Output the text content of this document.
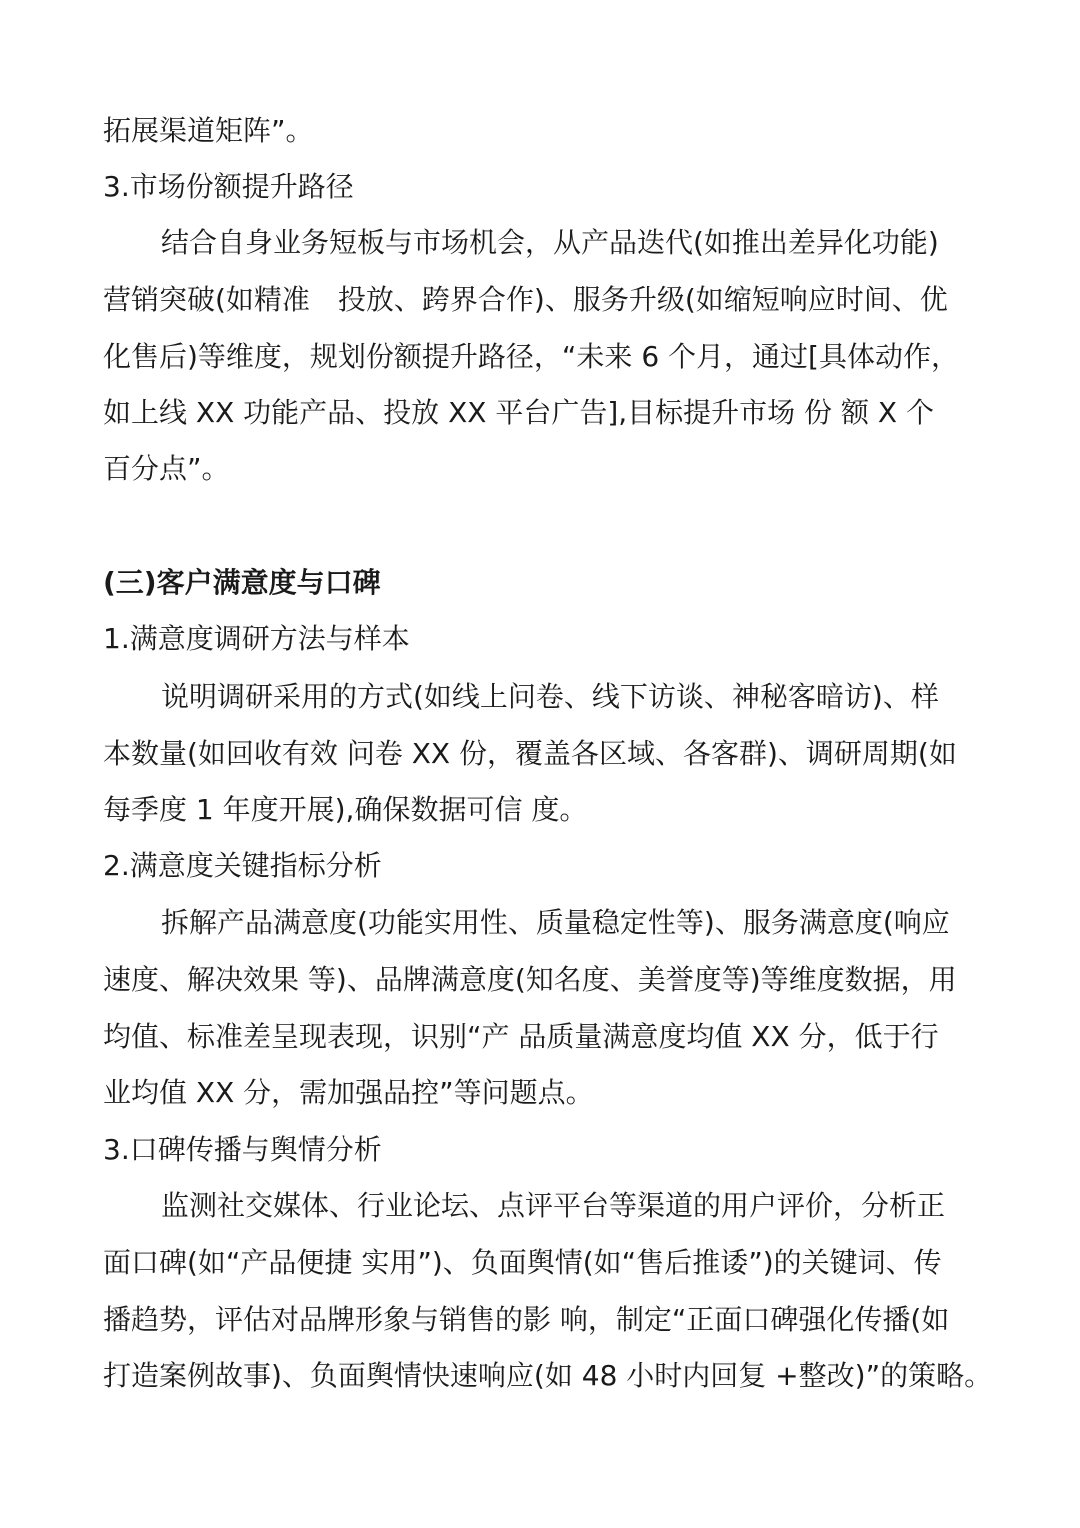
拓展渠道矩阵”。

3.市场份额提升路径

结合自身业务短板与市场机会，从产品迭代(如推出差异化功能)

营销突破(如精准　投放、跨界合作)、服务升级(如缩短响应时间、优

化售后)等维度，规划份额提升路径，“未来 6 个月，通过[具体动作，

如上线 XX 功能产品、投放 XX 平台广告],目标提升市场 份 额 X 个

百分点”。

(三)客户满意度与口碑

1.满意度调研方法与样本

说明调研采用的方式(如线上问卷、线下访谈、神秘客暗访)、样

本数量(如回收有效 问卷 XX 份，覆盖各区域、各客群)、调研周期(如

每季度 1 年度开展),确保数据可信 度。

2.满意度关键指标分析

拆解产品满意度(功能实用性、质量稳定性等)、服务满意度(响应

速度、解决效果 等)、品牌满意度(知名度、美誉度等)等维度数据，用

均值、标准差呈现表现，识别“产 品质量满意度均值 XX 分，低于行

业均值 XX 分，需加强品控”等问题点。

3.口碑传播与舆情分析

监测社交媒体、行业论坛、点评平台等渠道的用户评价，分析正

面口碑(如“产品便捷 实用”)、负面舆情(如“售后推诿”)的关键词、传

播趋势，评估对品牌形象与销售的影 响，制定“正面口碑强化传播(如

打造案例故事)、负面舆情快速响应(如 48 小时内回复 +整改)”的策略。
